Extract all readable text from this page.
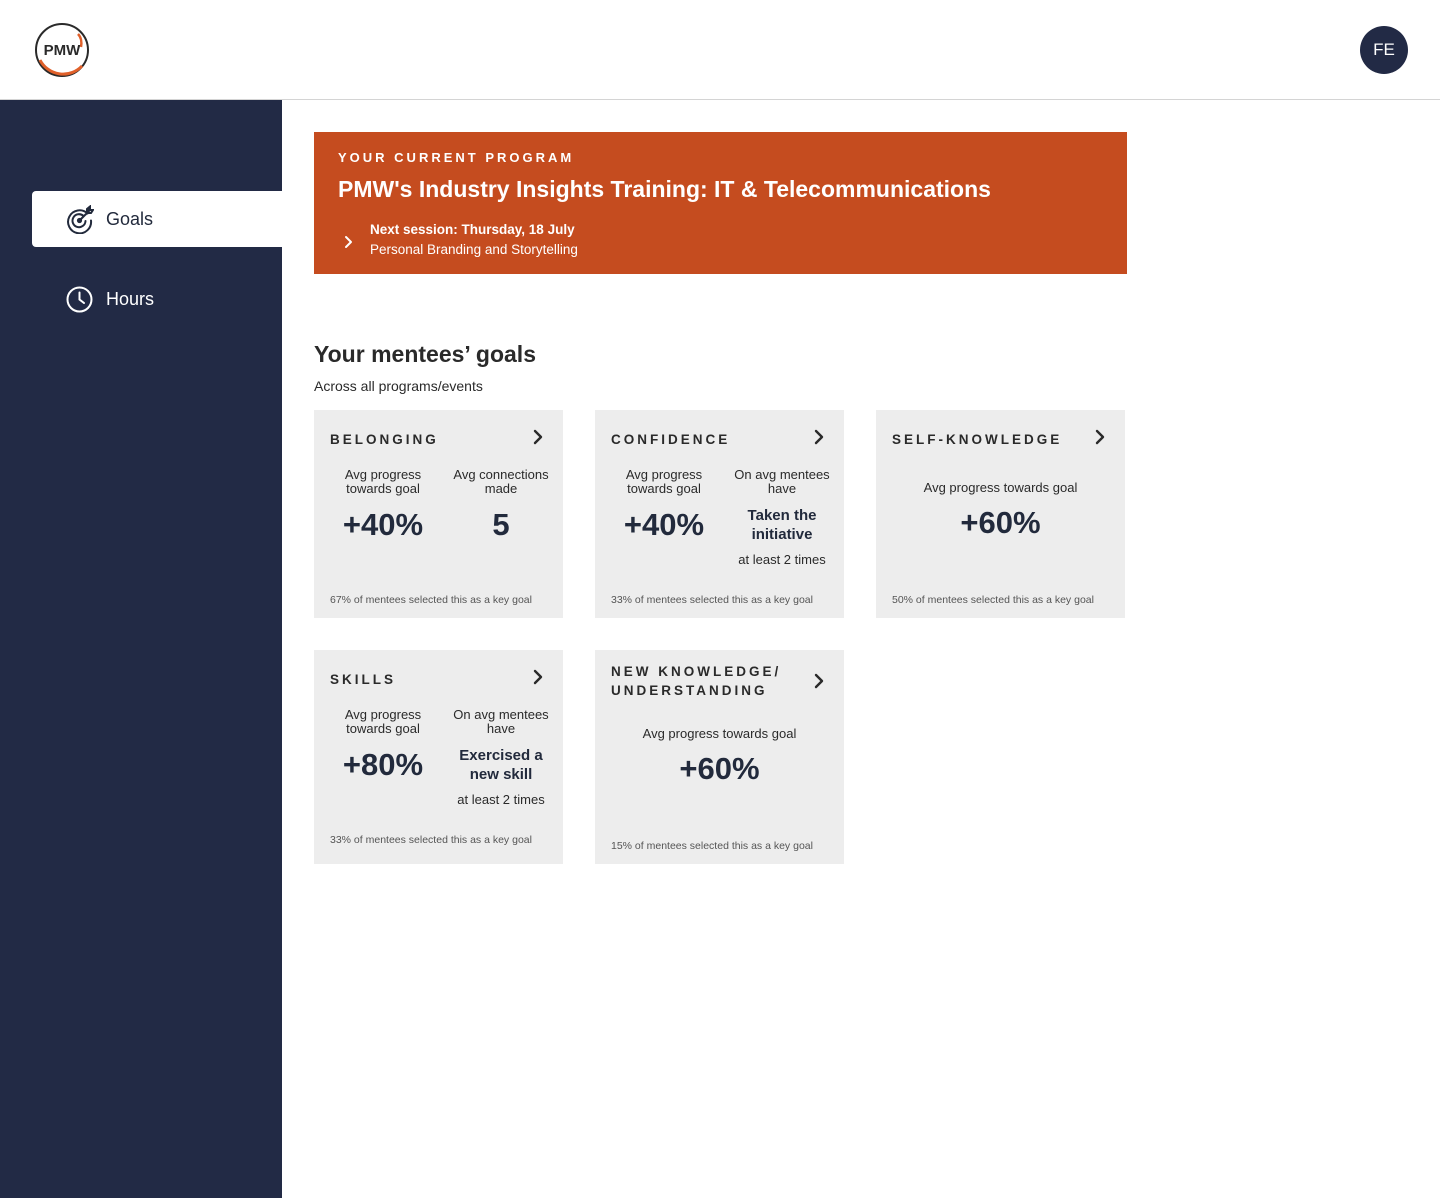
PMW	FE
Goals
Hours
YOUR CURRENT PROGRAM
PMW's Industry Insights Training: IT & Telecommunications
Next session: Thursday, 18 July
Personal Branding and Storytelling
Your mentees’ goals
Across all programs/events
BELONGING
Avg progress towards goal
+40%
Avg connections made
5
67% of mentees selected this as a key goal
CONFIDENCE
Avg progress towards goal
+40%
On avg mentees have
Taken the initiative
at least 2 times
33% of mentees selected this as a key goal
SELF-KNOWLEDGE
Avg progress towards goal
+60%
50% of mentees selected this as a key goal
SKILLS
Avg progress towards goal
+80%
On avg mentees have
Exercised a new skill
at least 2 times
33% of mentees selected this as a key goal
NEW KNOWLEDGE/ UNDERSTANDING
Avg progress towards goal
+60%
15% of mentees selected this as a key goal
